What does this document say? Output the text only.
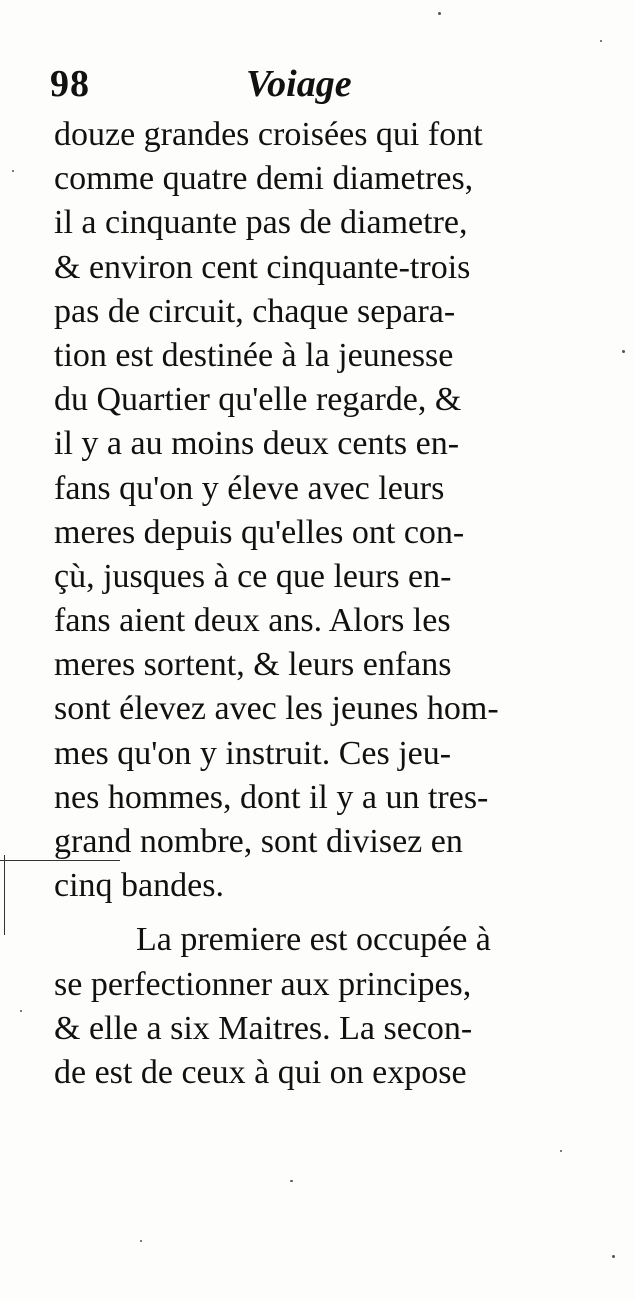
98	Voiage
douze grandes croisées qui font
comme quatre demi diametres,
il a cinquante pas de diametre,
& environ cent cinquante-trois
pas de circuit, chaque separa-
tion est destinée à la jeunesse
du Quartier qu'elle regarde, &
il y a au moins deux cents en-
fans qu'on y éleve avec leurs
meres depuis qu'elles ont con-
çù, jusques à ce que leurs en-
fans aient deux ans. Alors les
meres sortent, & leurs enfans
sont élevez avec les jeunes hom-
mes qu'on y instruit. Ces jeu-
nes hommes, dont il y a un tres-
grand nombre, sont divisez en
cinq bandes.
La premiere est occupée à
se perfectionner aux principes,
& elle a six Maitres. La secon-
de est de ceux à qui on expose
